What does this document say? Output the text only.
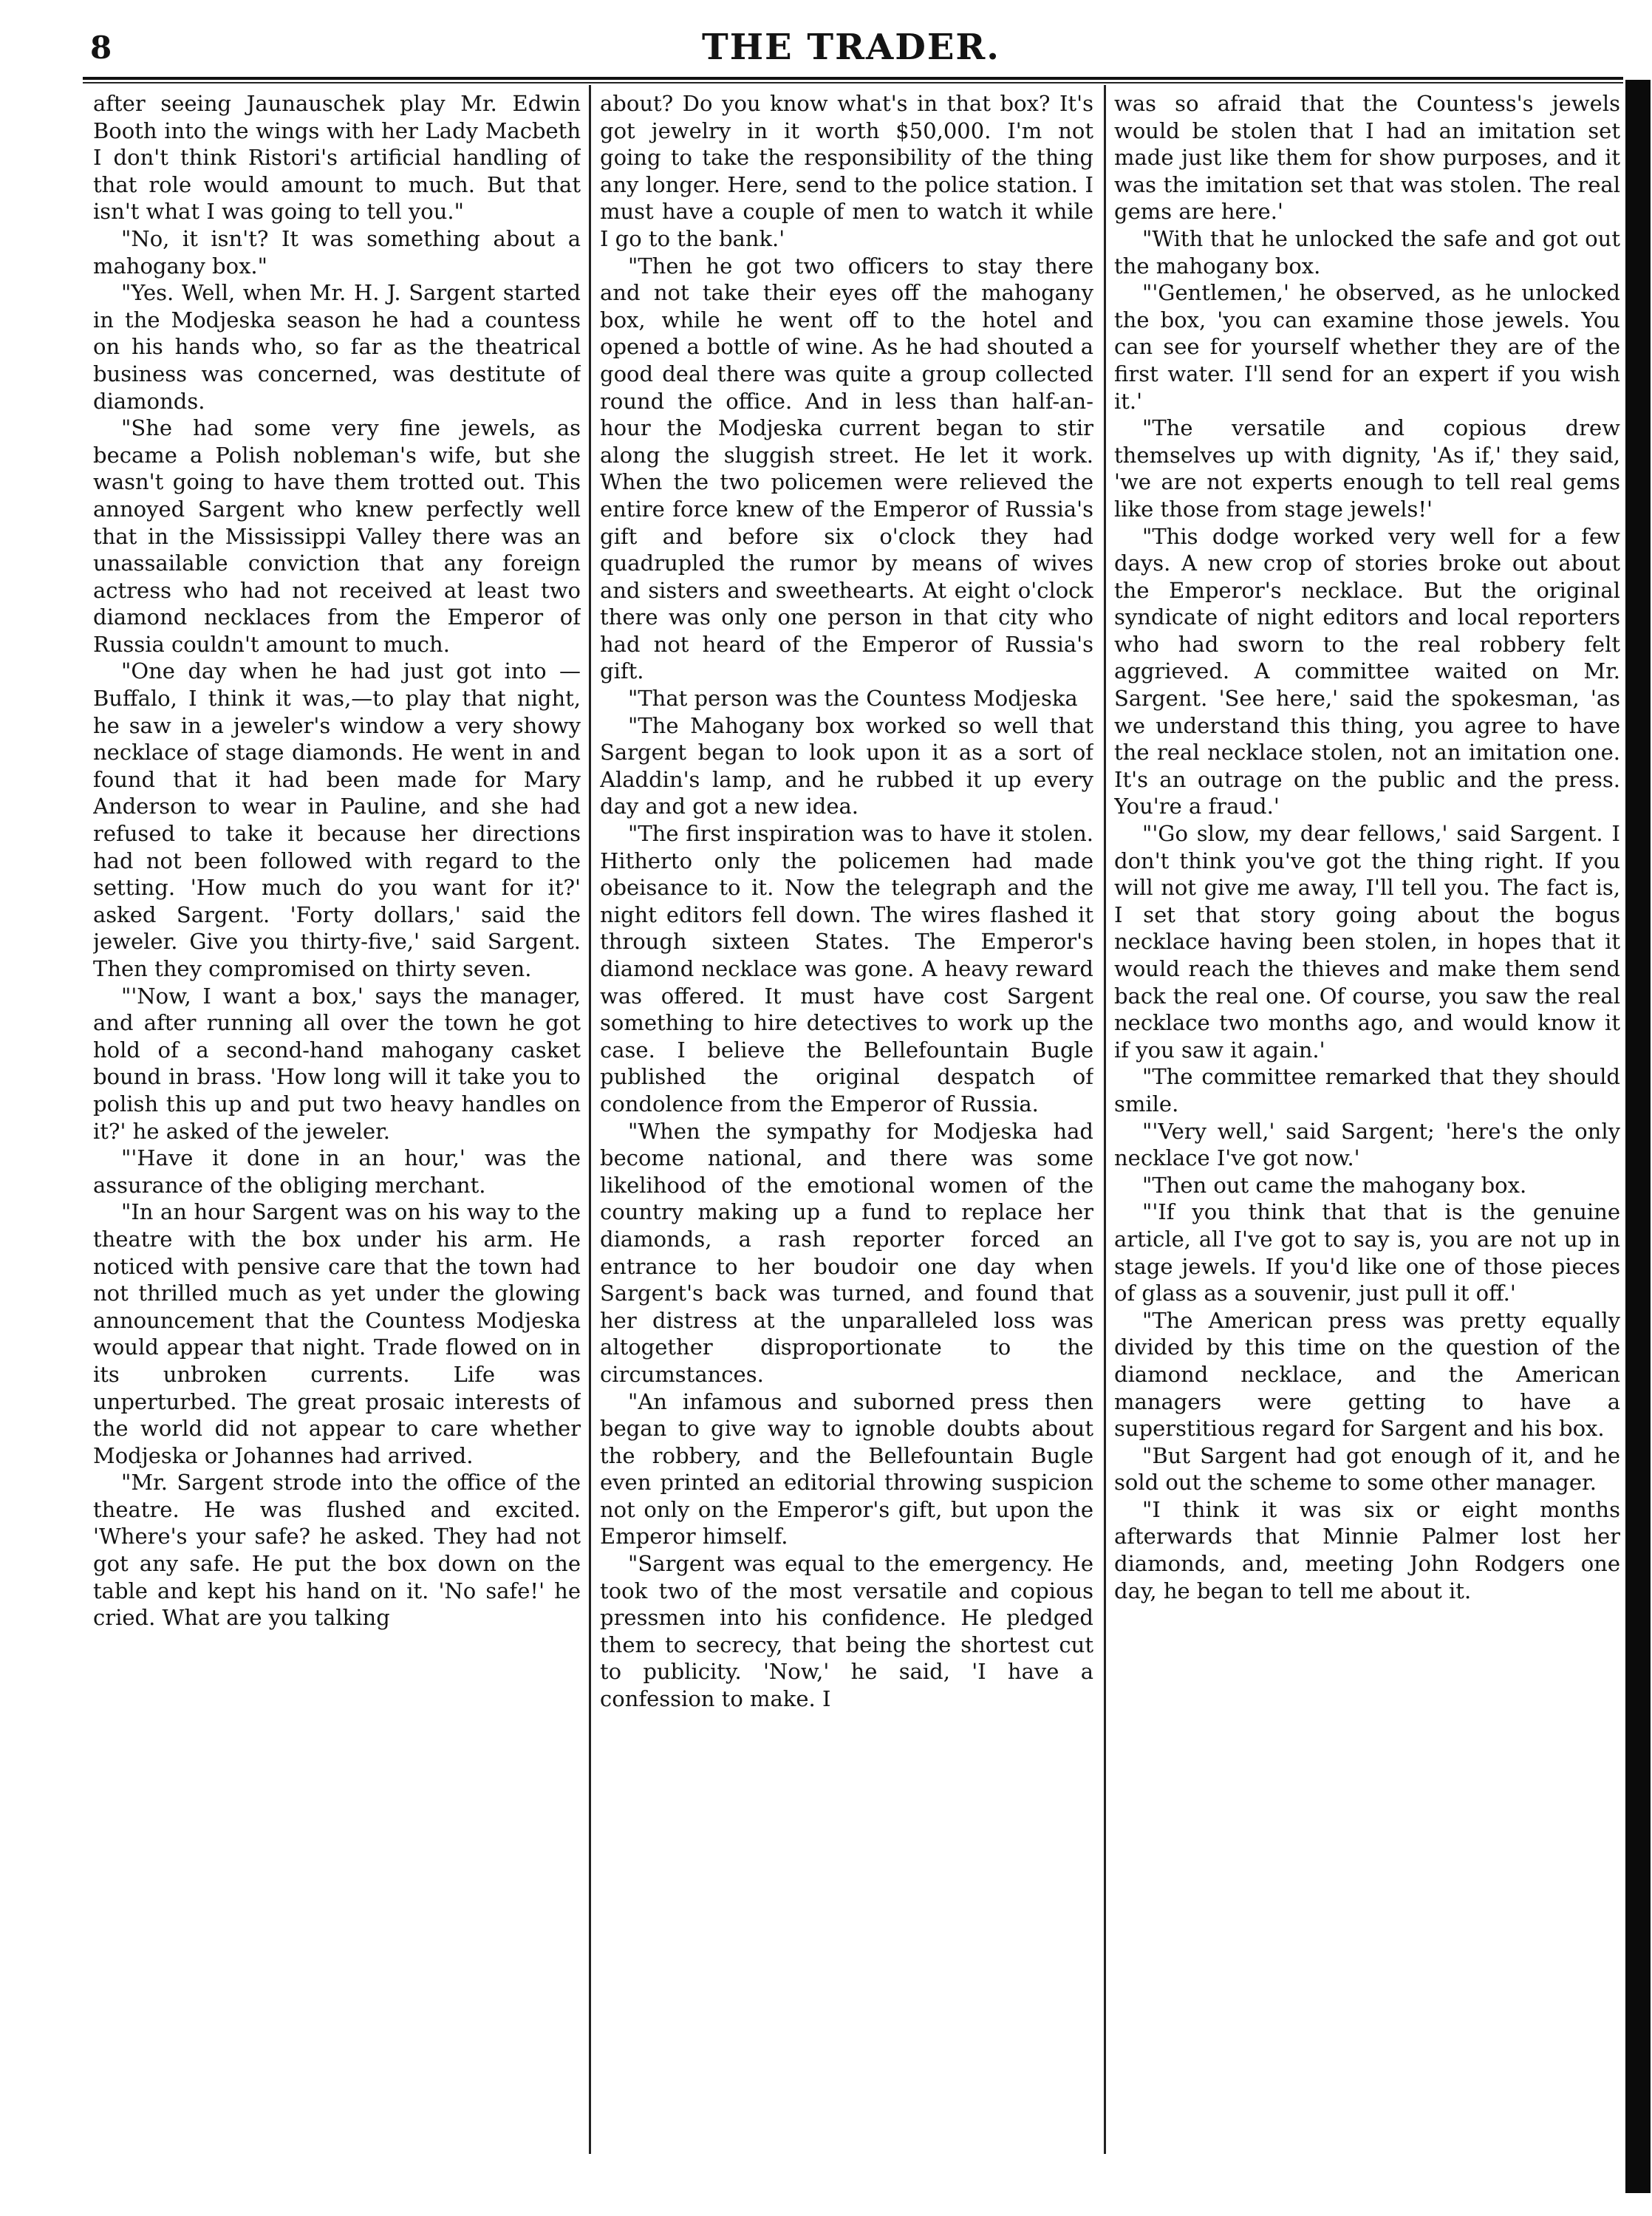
8	THE TRADER.

after seeing Jaunauschek play Mr. Edwin Booth into the wings with her Lady Macbeth I don't think Ristori's artificial handling of that role would amount to much. But that isn't what I was going to tell you."

"No, it isn't? It was something about a mahogany box."

"Yes. Well, when Mr. H. J. Sargent started in the Modjeska season he had a countess on his hands who, so far as the theatrical business was concerned, was destitute of diamonds.

"She had some very fine jewels, as became a Polish nobleman's wife, but she wasn't going to have them trotted out. This annoyed Sargent who knew perfectly well that in the Mississippi Valley there was an unassailable conviction that any foreign actress who had not received at least two diamond necklaces from the Emperor of Russia couldn't amount to much.

"One day when he had just got into —Buffalo, I think it was,—to play that night, he saw in a jeweler's window a very showy necklace of stage diamonds. He went in and found that it had been made for Mary Anderson to wear in Pauline, and she had refused to take it because her directions had not been followed with regard to the setting. 'How much do you want for it?' asked Sargent. 'Forty dollars,' said the jeweler. Give you thirty-five,' said Sargent. Then they compromised on thirty seven.

"'Now, I want a box,' says the manager, and after running all over the town he got hold of a second-hand mahogany casket bound in brass. 'How long will it take you to polish this up and put two heavy handles on it?' he asked of the jeweler.

"'Have it done in an hour,' was the assurance of the obliging merchant.

"In an hour Sargent was on his way to the theatre with the box under his arm. He noticed with pensive care that the town had not thrilled much as yet under the glowing announcement that the Countess Modjeska would appear that night. Trade flowed on in its unbroken currents. Life was unperturbed. The great prosaic interests of the world did not appear to care whether Modjeska or Johannes had arrived.

"Mr. Sargent strode into the office of the theatre. He was flushed and excited. 'Where's your safe? he asked. They had not got any safe. He put the box down on the table and kept his hand on it. 'No safe!' he cried. What are you talking

about? Do you know what's in that box? It's got jewelry in it worth $50,000. I'm not going to take the responsibility of the thing any longer. Here, send to the police station. I must have a couple of men to watch it while I go to the bank.'

"Then he got two officers to stay there and not take their eyes off the mahogany box, while he went off to the hotel and opened a bottle of wine. As he had shouted a good deal there was quite a group collected round the office. And in less than half-an-hour the Modjeska current began to stir along the sluggish street. He let it work. When the two policemen were relieved the entire force knew of the Emperor of Russia's gift and before six o'clock they had quadrupled the rumor by means of wives and sisters and sweethearts. At eight o'clock there was only one person in that city who had not heard of the Emperor of Russia's gift.

"That person was the Countess Modjeska

"The Mahogany box worked so well that Sargent began to look upon it as a sort of Aladdin's lamp, and he rubbed it up every day and got a new idea.

"The first inspiration was to have it stolen. Hitherto only the policemen had made obeisance to it. Now the telegraph and the night editors fell down. The wires flashed it through sixteen States. The Emperor's diamond necklace was gone. A heavy reward was offered. It must have cost Sargent something to hire detectives to work up the case. I believe the Bellefountain Bugle published the original despatch of condolence from the Emperor of Russia.

"When the sympathy for Modjeska had become national, and there was some likelihood of the emotional women of the country making up a fund to replace her diamonds, a rash reporter forced an entrance to her boudoir one day when Sargent's back was turned, and found that her distress at the unparalleled loss was altogether disproportionate to the circumstances.

"An infamous and suborned press then began to give way to ignoble doubts about the robbery, and the Bellefountain Bugle even printed an editorial throwing suspicion not only on the Emperor's gift, but upon the Emperor himself.

"Sargent was equal to the emergency. He took two of the most versatile and copious pressmen into his confidence. He pledged them to secrecy, that being the shortest cut to publicity. 'Now,' he said, 'I have a confession to make. I

was so afraid that the Countess's jewels would be stolen that I had an imitation set made just like them for show purposes, and it was the imitation set that was stolen. The real gems are here.'

"With that he unlocked the safe and got out the mahogany box.

"'Gentlemen,' he observed, as he unlocked the box, 'you can examine those jewels. You can see for yourself whether they are of the first water. I'll send for an expert if you wish it.'

"The versatile and copious drew themselves up with dignity, 'As if,' they said, 'we are not experts enough to tell real gems like those from stage jewels!'

"This dodge worked very well for a few days. A new crop of stories broke out about the Emperor's necklace. But the original syndicate of night editors and local reporters who had sworn to the real robbery felt aggrieved. A committee waited on Mr. Sargent. 'See here,' said the spokesman, 'as we understand this thing, you agree to have the real necklace stolen, not an imitation one. It's an outrage on the public and the press. You're a fraud.'

"'Go slow, my dear fellows,' said Sargent. I don't think you've got the thing right. If you will not give me away, I'll tell you. The fact is, I set that story going about the bogus necklace having been stolen, in hopes that it would reach the thieves and make them send back the real one. Of course, you saw the real necklace two months ago, and would know it if you saw it again.'

"The committee remarked that they should smile.

"'Very well,' said Sargent; 'here's the only necklace I've got now.'

"Then out came the mahogany box.

"'If you think that that is the genuine article, all I've got to say is, you are not up in stage jewels. If you'd like one of those pieces of glass as a souvenir, just pull it off.'

"The American press was pretty equally divided by this time on the question of the diamond necklace, and the American managers were getting to have a superstitious regard for Sargent and his box.

"But Sargent had got enough of it, and he sold out the scheme to some other manager.

"I think it was six or eight months afterwards that Minnie Palmer lost her diamonds, and, meeting John Rodgers one day, he began to tell me about it.
